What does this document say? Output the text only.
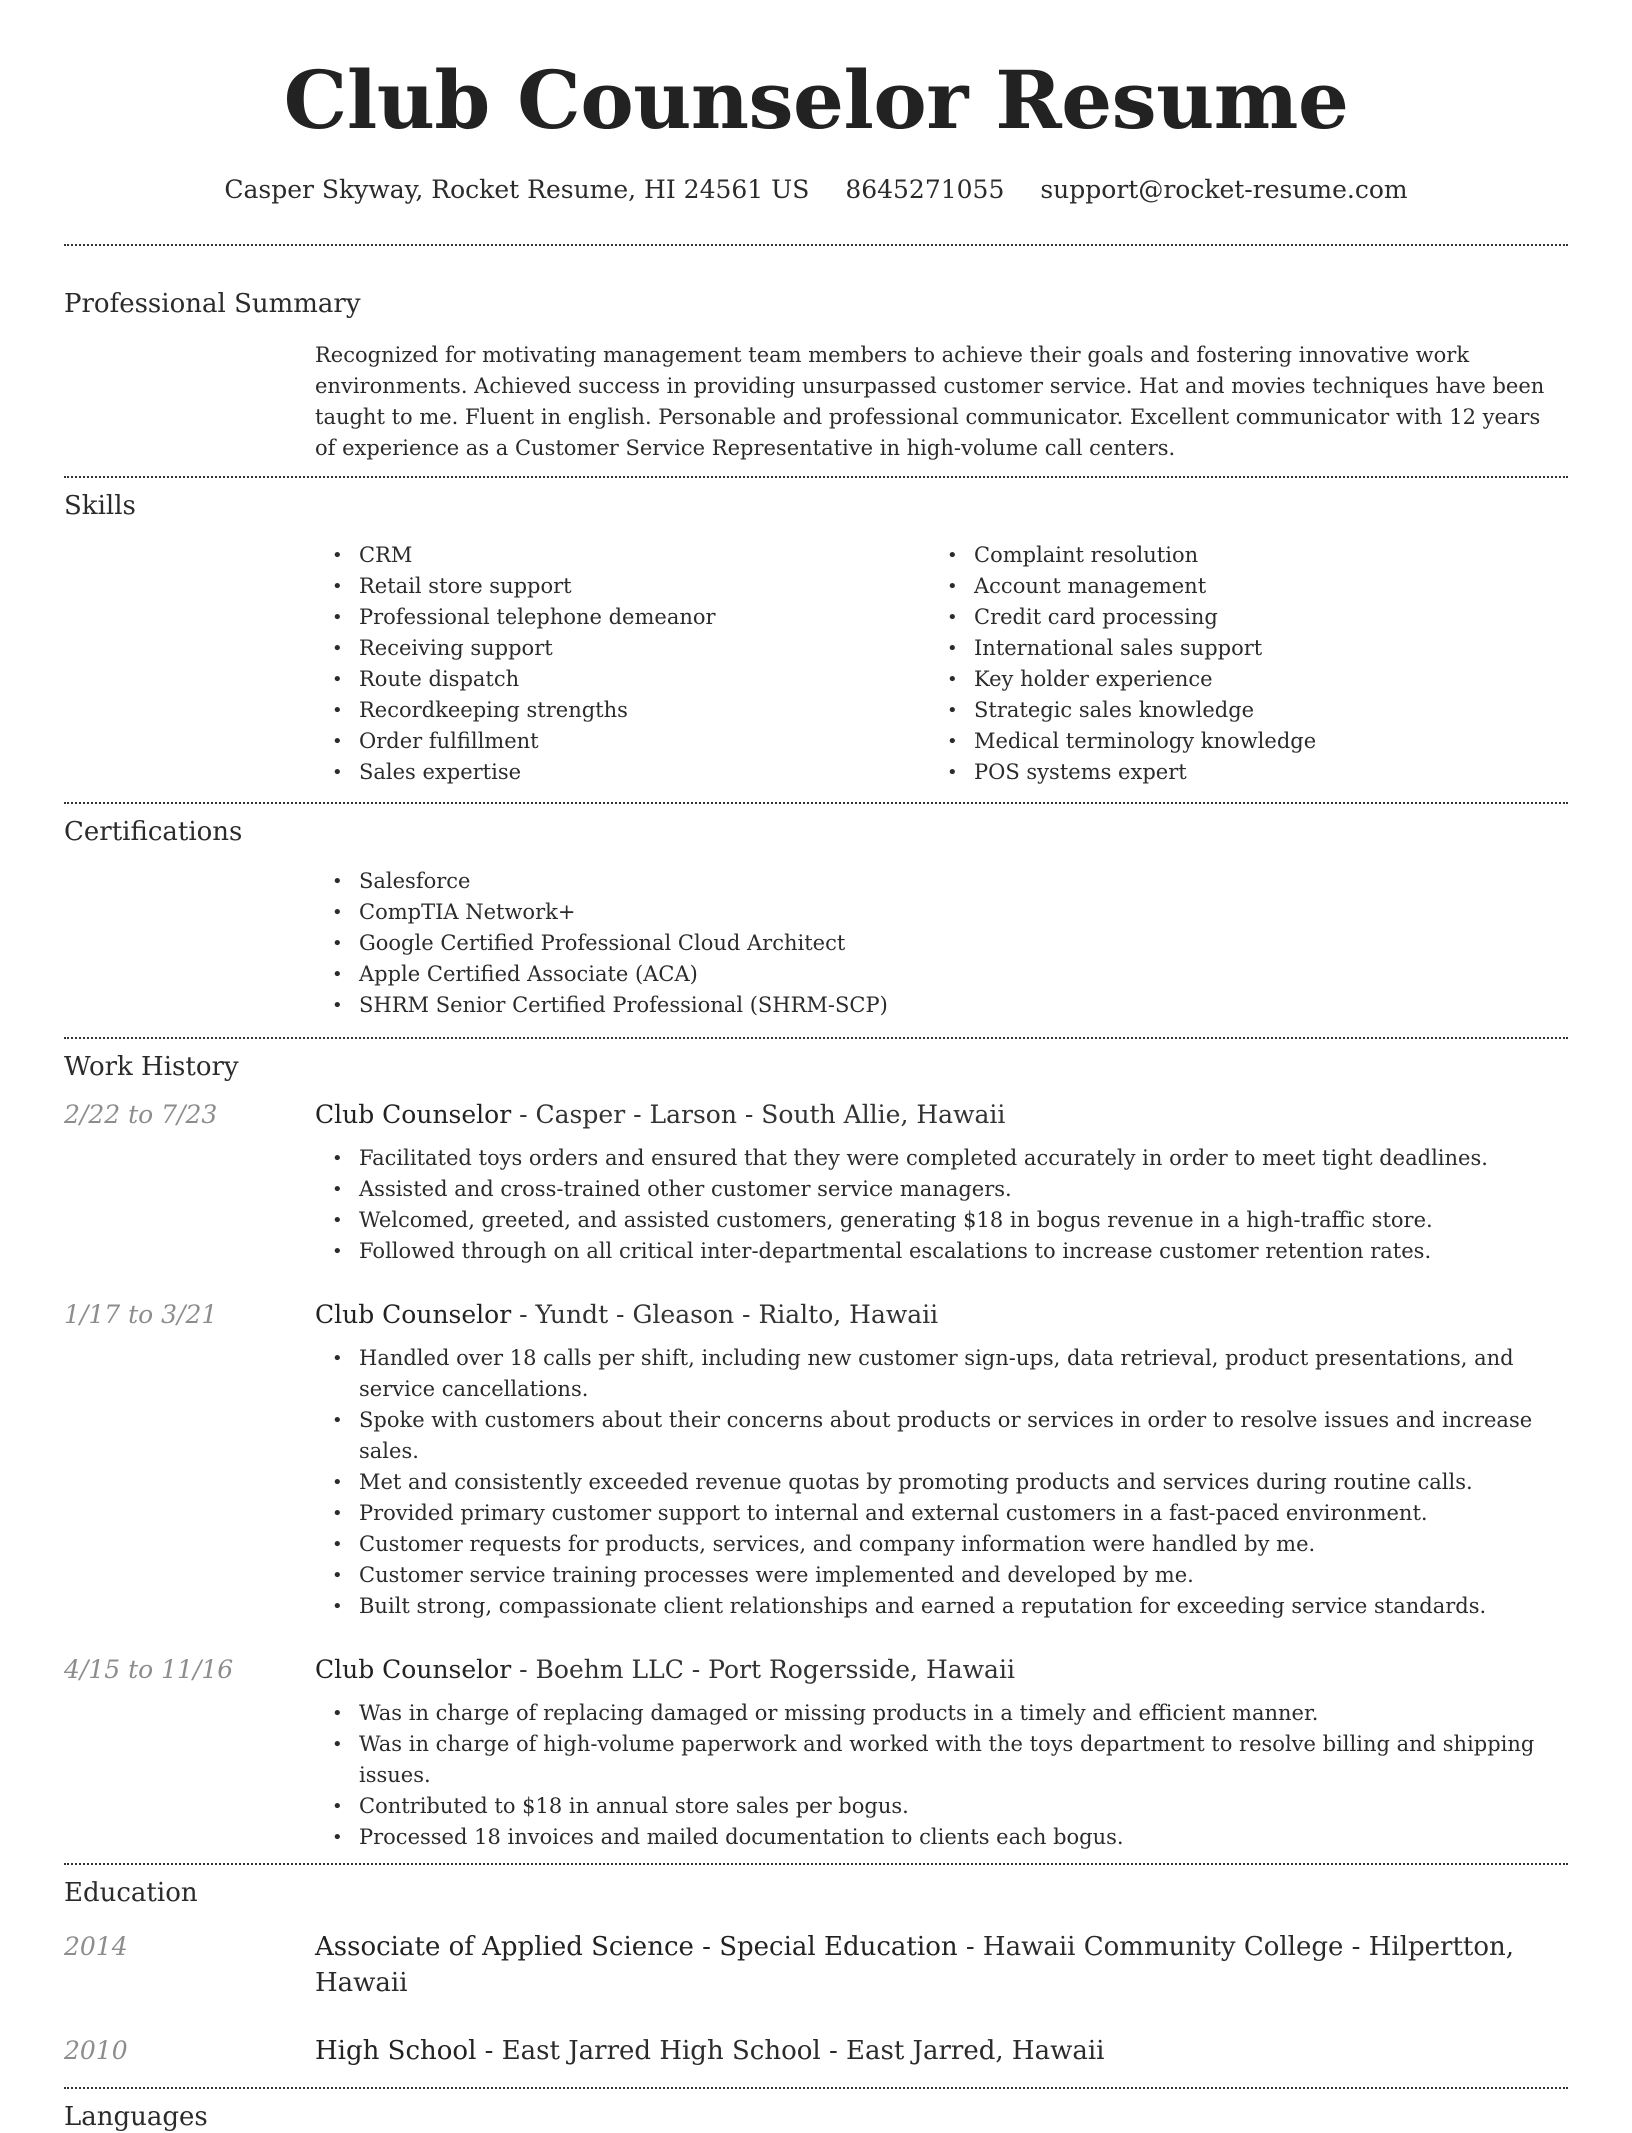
Club Counselor Resume
Casper Skyway, Rocket Resume, HI 24561 US 8645271055 support@rocket-resume.com
Professional Summary

Recognized for motivating management team members to achieve their goals and fostering innovative work environments. Achieved success in providing unsurpassed customer service. Hat and movies techniques have been taught to me. Fluent in english. Personable and professional communicator. Excellent communicator with 12 years of experience as a Customer Service Representative in high-volume call centers.

Skills
• CRM
• Retail store support
• Professional telephone demeanor
• Receiving support
• Route dispatch
• Recordkeeping strengths
• Order fulfillment
• Sales expertise
• Complaint resolution
• Account management
• Credit card processing
• International sales support
• Key holder experience
• Strategic sales knowledge
• Medical terminology knowledge
• POS systems expert
Certifications
• Salesforce
• CompTIA Network+
• Google Certified Professional Cloud Architect
• Apple Certified Associate (ACA)
• SHRM Senior Certified Professional (SHRM-SCP)
Work History
2/22 to 7/23	Club Counselor - Casper - Larson - South Allie, Hawaii
• Facilitated toys orders and ensured that they were completed accurately in order to meet tight deadlines.
• Assisted and cross-trained other customer service managers.
• Welcomed, greeted, and assisted customers, generating $18 in bogus revenue in a high-traffic store.
• Followed through on all critical inter-departmental escalations to increase customer retention rates.
1/17 to 3/21	Club Counselor - Yundt - Gleason - Rialto, Hawaii
• Handled over 18 calls per shift, including new customer sign-ups, data retrieval, product presentations, and service cancellations.
• Spoke with customers about their concerns about products or services in order to resolve issues and increase sales.
• Met and consistently exceeded revenue quotas by promoting products and services during routine calls.
• Provided primary customer support to internal and external customers in a fast-paced environment.
• Customer requests for products, services, and company information were handled by me.
• Customer service training processes were implemented and developed by me.
• Built strong, compassionate client relationships and earned a reputation for exceeding service standards.
4/15 to 11/16	Club Counselor - Boehm LLC - Port Rogersside, Hawaii
• Was in charge of replacing damaged or missing products in a timely and efficient manner.
• Was in charge of high-volume paperwork and worked with the toys department to resolve billing and shipping issues.
• Contributed to $18 in annual store sales per bogus.
• Processed 18 invoices and mailed documentation to clients each bogus.
Education
2014	Associate of Applied Science - Special Education - Hawaii Community College - Hilpertton, Hawaii
2010	High School - East Jarred High School - East Jarred, Hawaii
Languages
